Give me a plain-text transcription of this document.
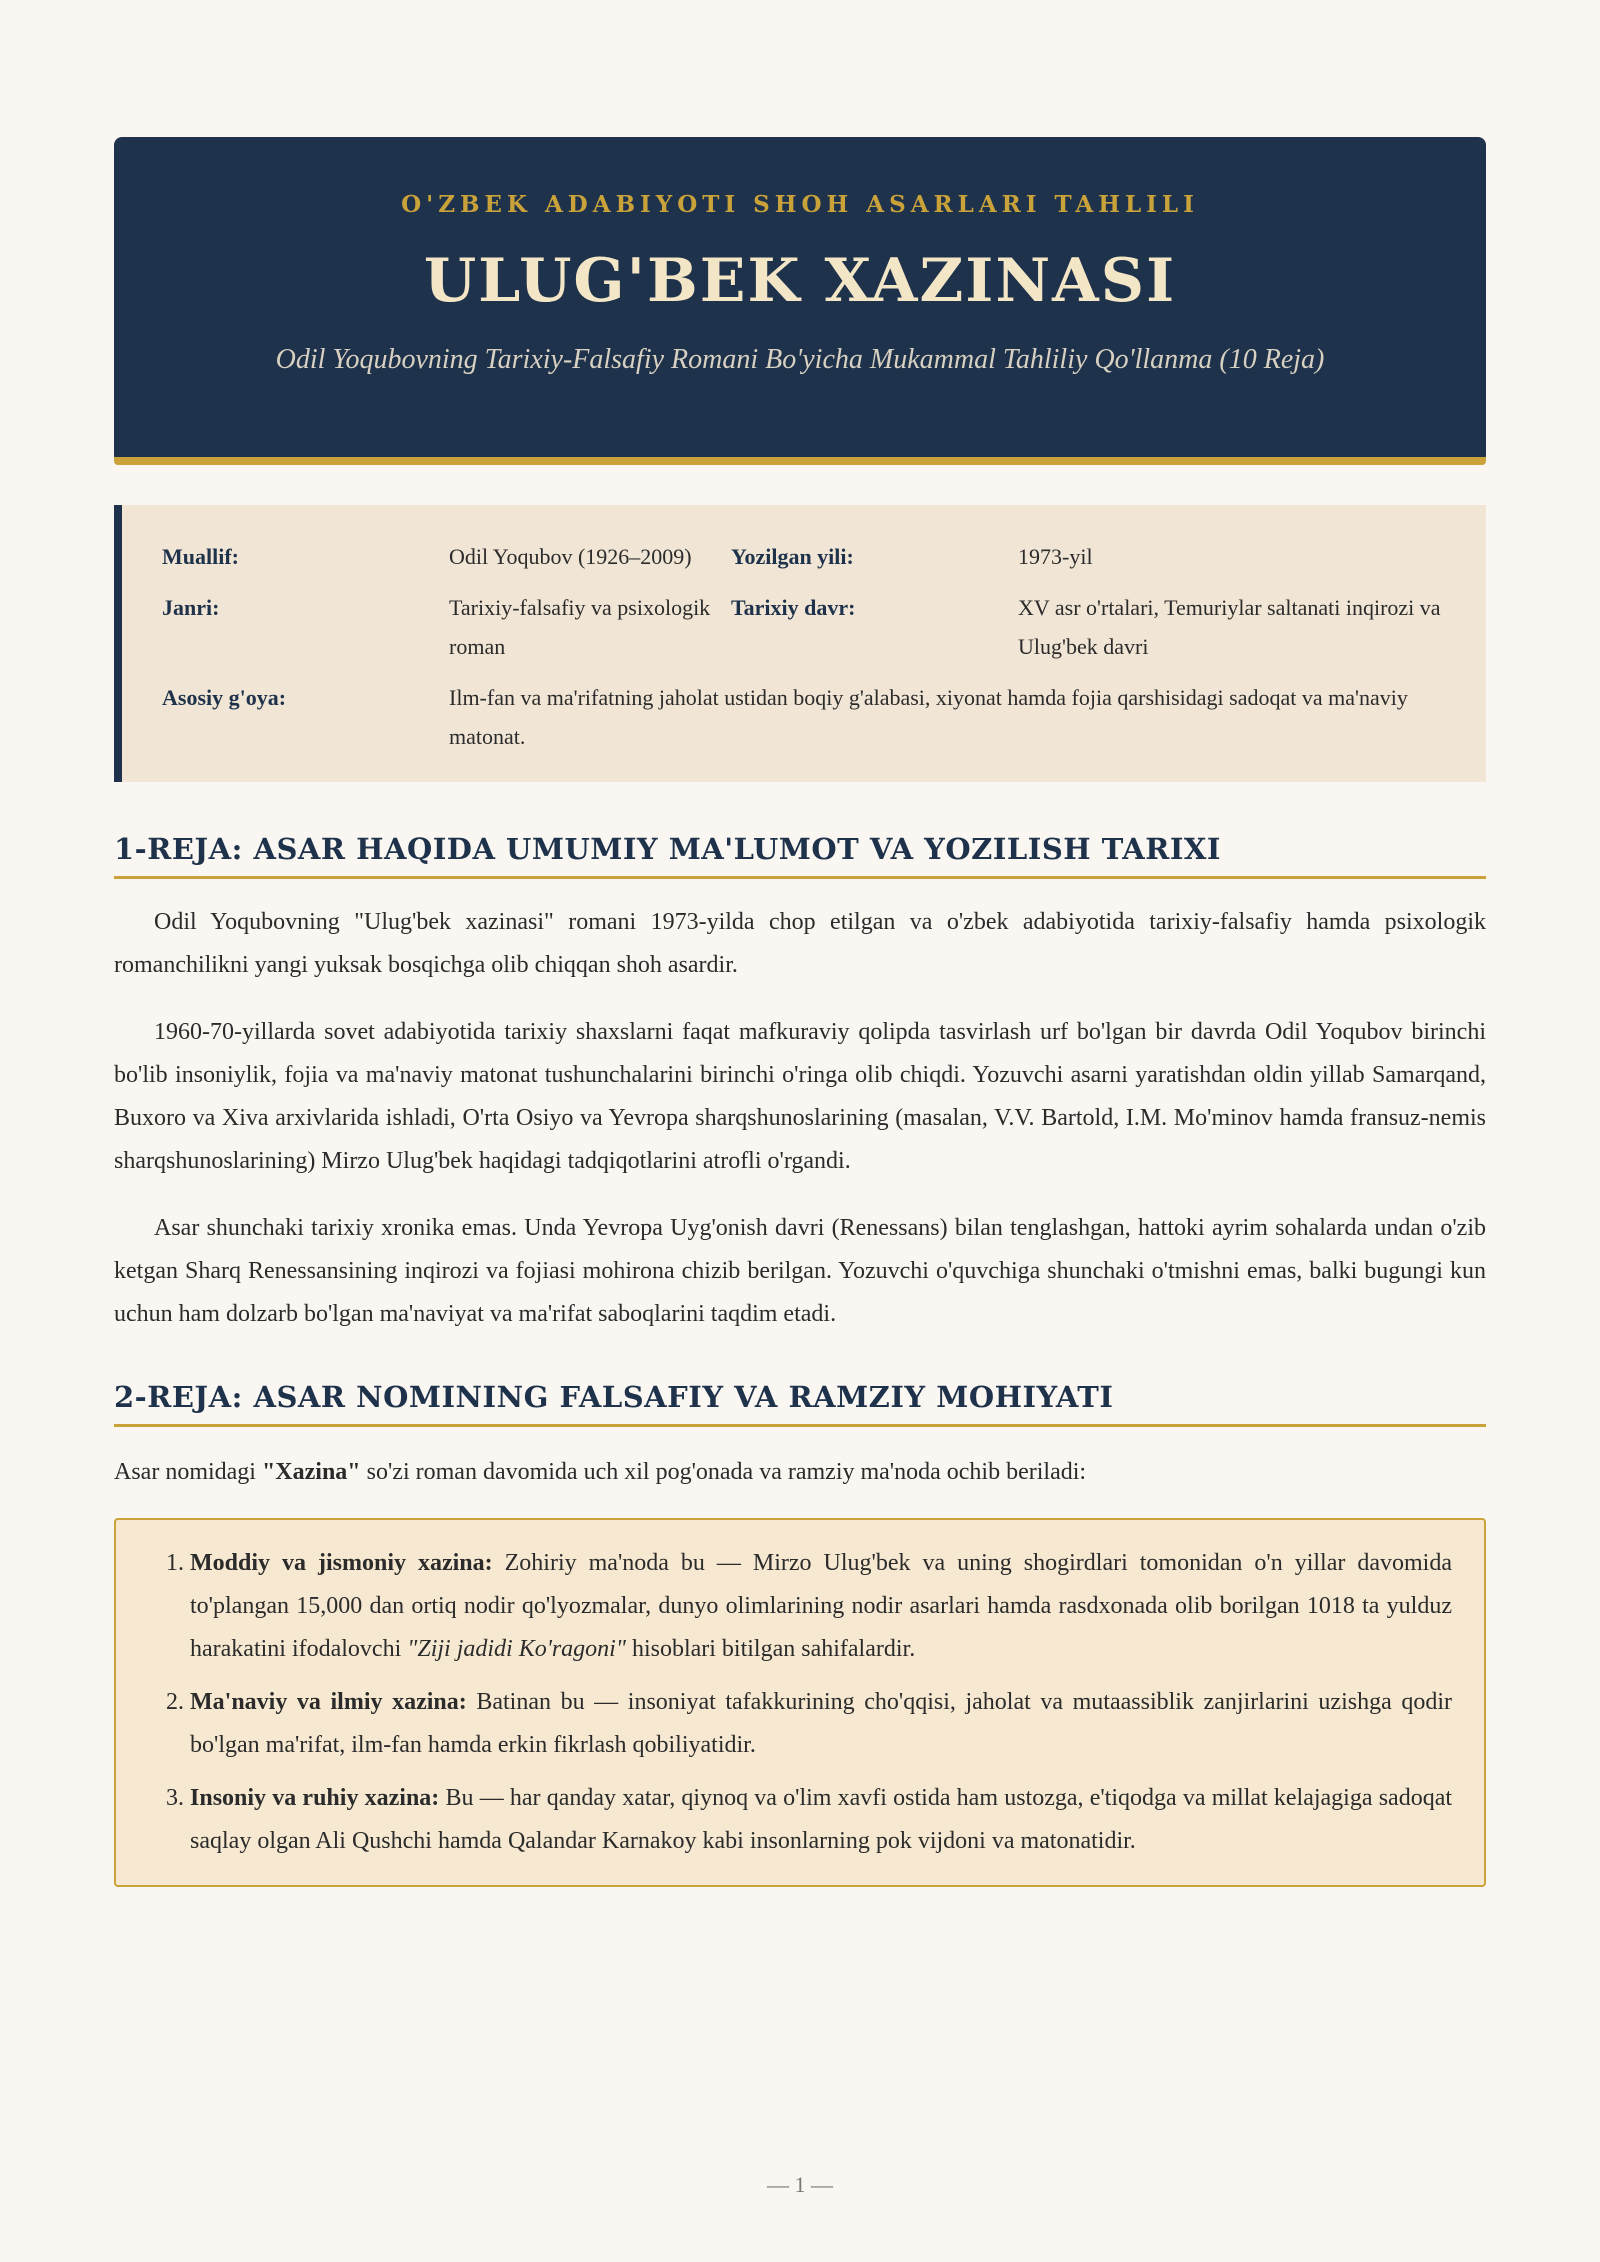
O'ZBEK ADABIYOTI SHOH ASARLARI TAHLILI
ULUG'BEK XAZINASI
Odil Yoqubovning Tarixiy-Falsafiy Romani Bo'yicha Mukammal Tahliliy Qo'llanma (10 Reja)
Muallif:	Odil Yoqubov (1926–2009)	Yozilgan yili:	1973-yil
Janri:	Tarixiy-falsafiy va psixologik roman
Tarixiy davr:	XV asr o'rtalari, Temuriylar saltanati inqirozi va Ulug'bek davri
Asosiy g'oya:	Ilm-fan va ma'rifatning jaholat ustidan boqiy g'alabasi, xiyonat hamda fojia qarshisidagi sadoqat va ma'naviy matonat.
1-REJA: ASAR HAQIDA UMUMIY MA'LUMOT VA YOZILISH TARIXI

Odil Yoqubovning "Ulug'bek xazinasi" romani 1973-yilda chop etilgan va o'zbek adabiyotida tarixiy-falsafiy hamda psixologik romanchilikni yangi yuksak bosqichga olib chiqqan shoh asardir.

1960-70-yillarda sovet adabiyotida tarixiy shaxslarni faqat mafkuraviy qolipda tasvirlash urf bo'lgan bir davrda Odil Yoqubov birinchi bo'lib insoniylik, fojia va ma'naviy matonat tushunchalarini birinchi o'ringa olib chiqdi. Yozuvchi asarni yaratishdan oldin yillab Samarqand, Buxoro va Xiva arxivlarida ishladi, O'rta Osiyo va Yevropa sharqshunoslarining (masalan, V.V. Bartold, I.M. Mo'minov hamda fransuz-nemis sharqshunoslarining) Mirzo Ulug'bek haqidagi tadqiqotlarini atrofli o'rgandi.

Asar shunchaki tarixiy xronika emas. Unda Yevropa Uyg'onish davri (Renessans) bilan tenglashgan, hattoki ayrim sohalarda undan o'zib ketgan Sharq Renessansining inqirozi va fojiasi mohirona chizib berilgan. Yozuvchi o'quvchiga shunchaki o'tmishni emas, balki bugungi kun uchun ham dolzarb bo'lgan ma'naviyat va ma'rifat saboqlarini taqdim etadi.

2-REJA: ASAR NOMINING FALSAFIY VA RAMZIY MOHIYATI

Asar nomidagi "Xazina" so'zi roman davomida uch xil pog'onada va ramziy ma'noda ochib beriladi:

1. Moddiy va jismoniy xazina: Zohiriy ma'noda bu — Mirzo Ulug'bek va uning shogirdlari tomonidan o'n yillar davomida to'plangan 15,000 dan ortiq nodir qo'lyozmalar, dunyo olimlarining nodir asarlari hamda rasdxonada olib borilgan 1018 ta yulduz harakatini ifodalovchi "Ziji jadidi Ko'ragoni" hisoblari bitilgan sahifalardir.
2. Ma'naviy va ilmiy xazina: Batinan bu — insoniyat tafakkurining cho'qqisi, jaholat va mutaassiblik zanjirlarini uzishga qodir bo'lgan ma'rifat, ilm-fan hamda erkin fikrlash qobiliyatidir.
3. Insoniy va ruhiy xazina: Bu — har qanday xatar, qiynoq va o'lim xavfi ostida ham ustozga, e'tiqodga va millat kelajagiga sadoqat saqlay olgan Ali Qushchi hamda Qalandar Karnakoy kabi insonlarning pok vijdoni va matonatidir.
— 1 —
